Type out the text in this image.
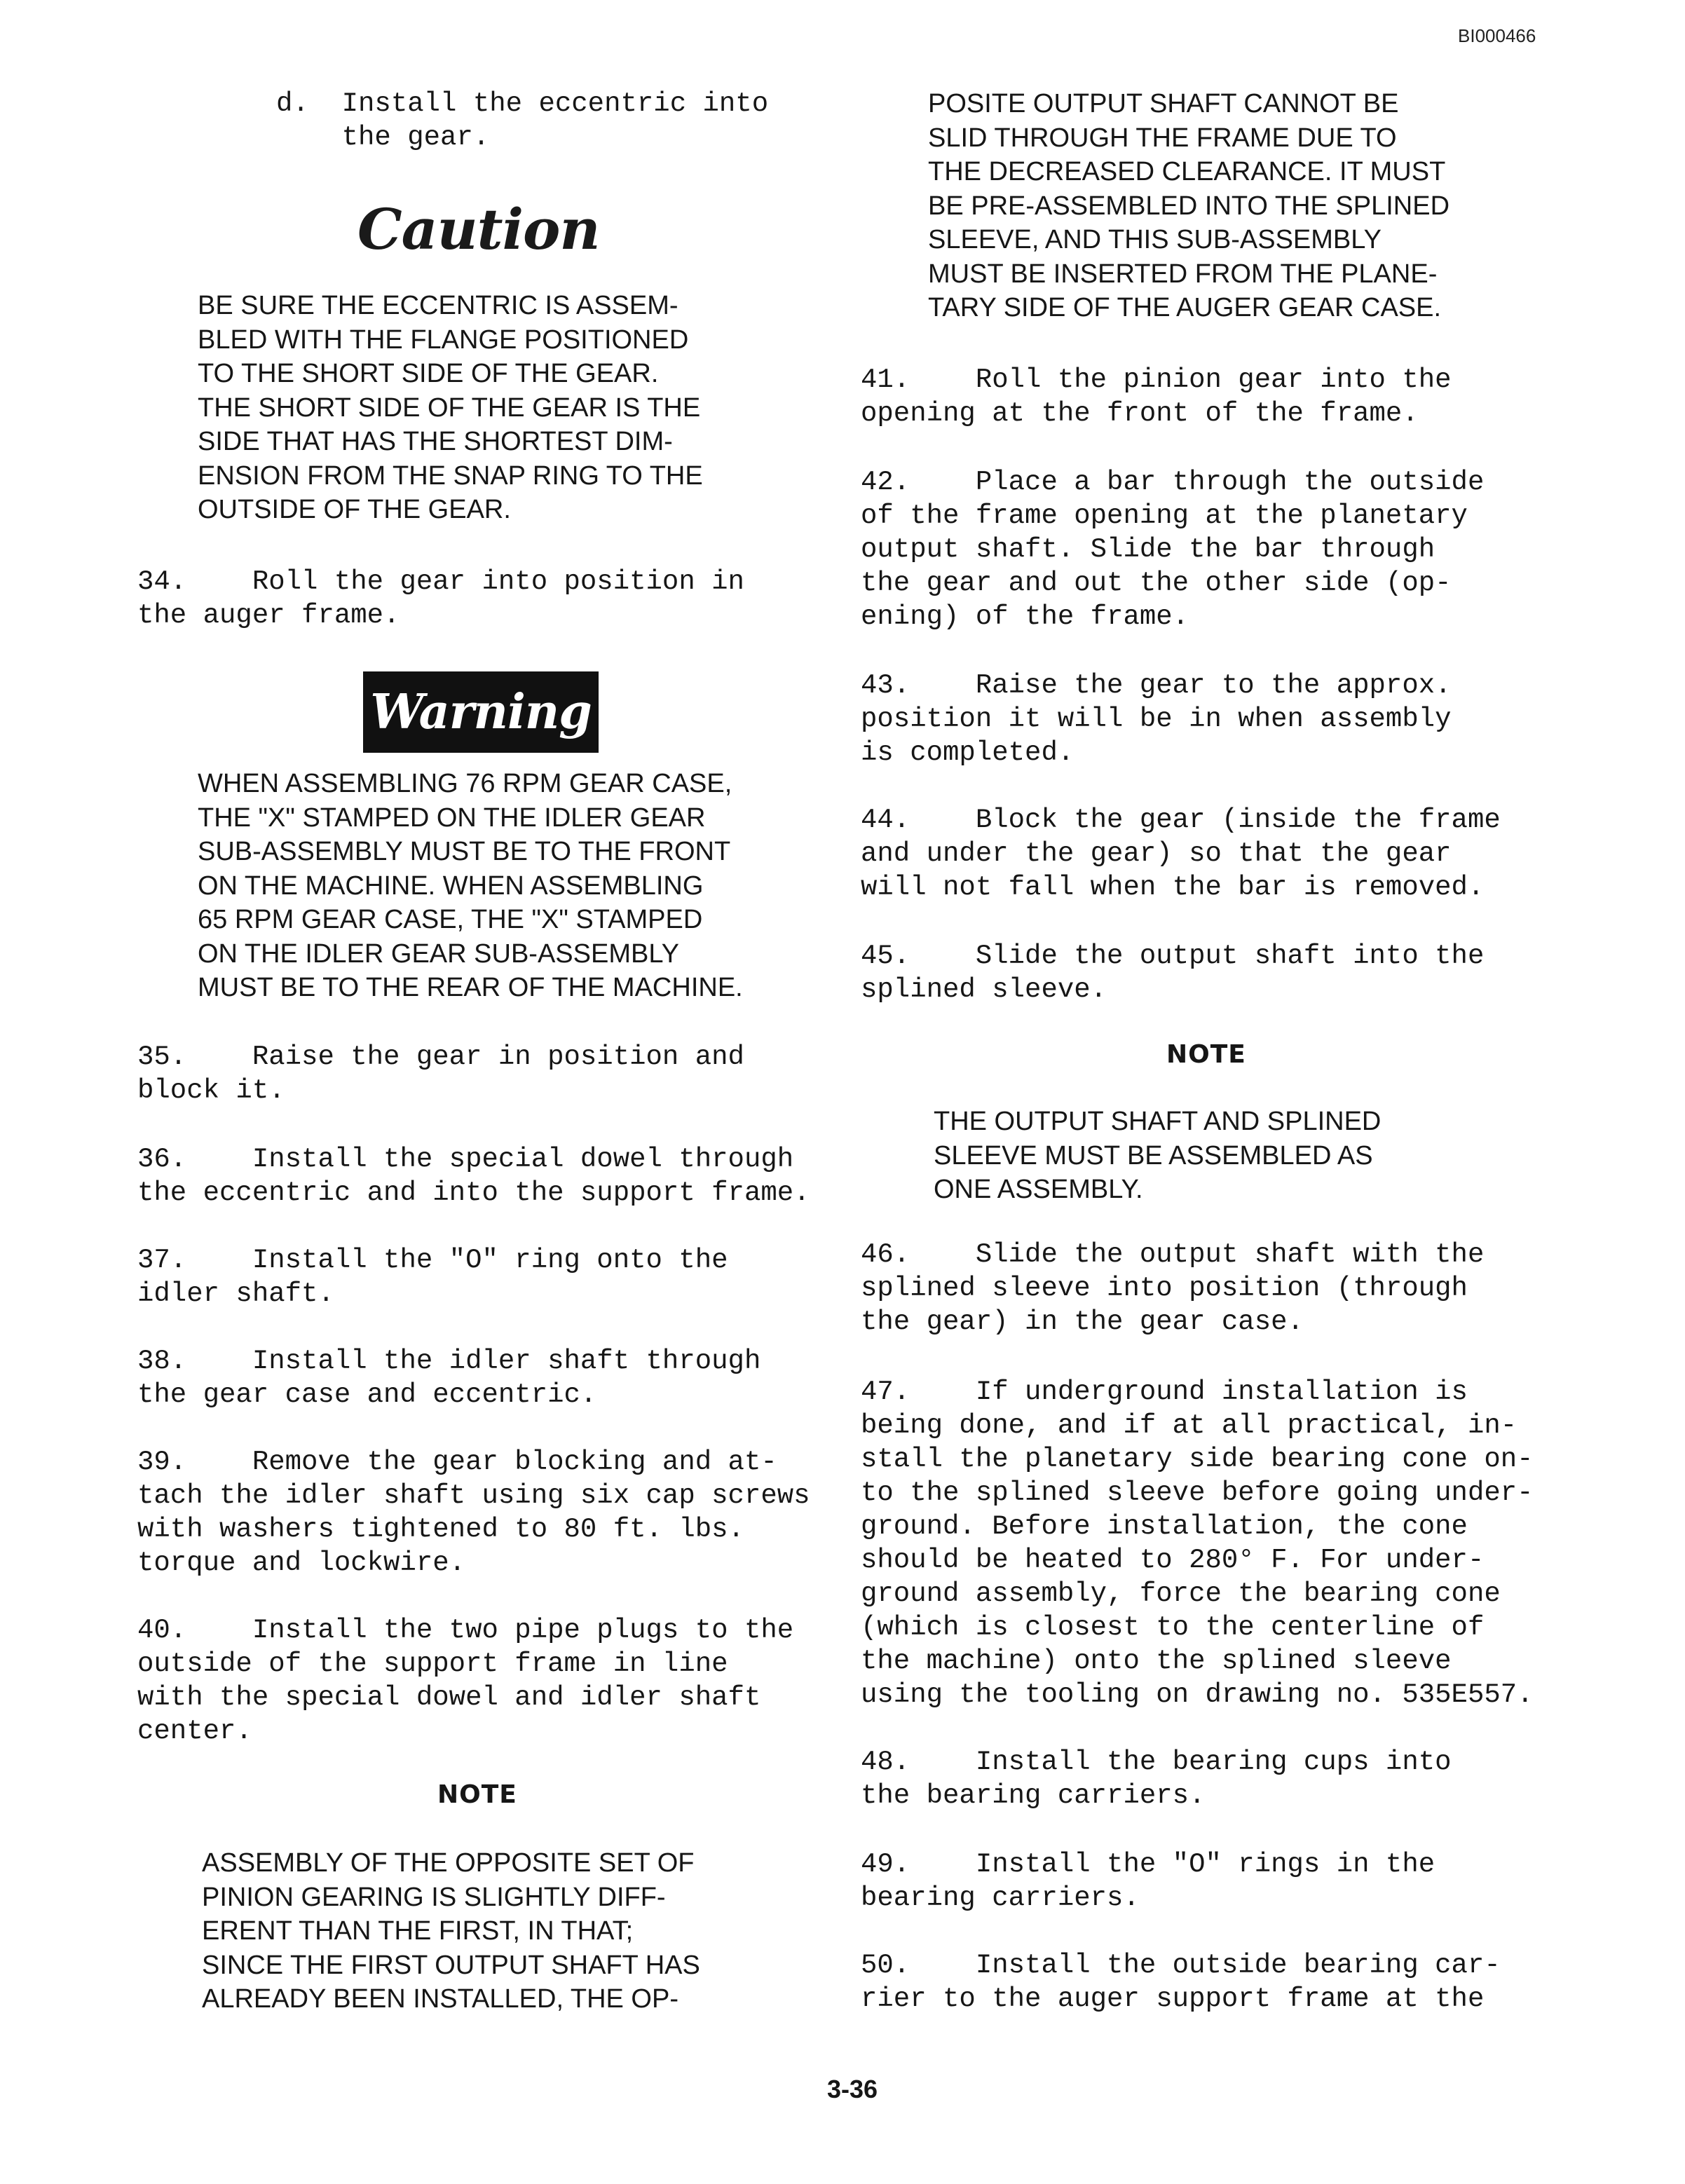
BI000466

d.  Install the eccentric into
the gear.

Caution

BE SURE THE ECCENTRIC IS ASSEM-
BLED WITH THE FLANGE POSITIONED
TO THE SHORT SIDE OF THE GEAR.
THE SHORT SIDE OF THE GEAR IS THE
SIDE THAT HAS THE SHORTEST DIM-
ENSION FROM THE SNAP RING TO THE
OUTSIDE OF THE GEAR.

34.    Roll the gear into position in
the auger frame.

Warning

WHEN ASSEMBLING 76 RPM GEAR CASE,
THE "X" STAMPED ON THE IDLER GEAR
SUB-ASSEMBLY MUST BE TO THE FRONT
ON THE MACHINE. WHEN ASSEMBLING
65 RPM GEAR CASE, THE "X" STAMPED
ON THE IDLER GEAR SUB-ASSEMBLY
MUST BE TO THE REAR OF THE MACHINE.

35.    Raise the gear in position and
block it.

36.    Install the special dowel through
the eccentric and into the support frame.

37.    Install the "O" ring onto the
idler shaft.

38.    Install the idler shaft through
the gear case and eccentric.

39.    Remove the gear blocking and at-
tach the idler shaft using six cap screws
with washers tightened to 80 ft. lbs.
torque and lockwire.

40.    Install the two pipe plugs to the
outside of the support frame in line
with the special dowel and idler shaft
center.

NOTE

ASSEMBLY OF THE OPPOSITE SET OF
PINION GEARING IS SLIGHTLY DIFF-
ERENT THAN THE FIRST, IN THAT;
SINCE THE FIRST OUTPUT SHAFT HAS
ALREADY BEEN INSTALLED, THE OP-

POSITE OUTPUT SHAFT CANNOT BE
SLID THROUGH THE FRAME DUE TO
THE DECREASED CLEARANCE. IT MUST
BE PRE-ASSEMBLED INTO THE SPLINED
SLEEVE, AND THIS SUB-ASSEMBLY
MUST BE INSERTED FROM THE PLANE-
TARY SIDE OF THE AUGER GEAR CASE.

41.    Roll the pinion gear into the
opening at the front of the frame.

42.    Place a bar through the outside
of the frame opening at the planetary
output shaft. Slide the bar through
the gear and out the other side (op-
ening) of the frame.

43.    Raise the gear to the approx.
position it will be in when assembly
is completed.

44.    Block the gear (inside the frame
and under the gear) so that the gear
will not fall when the bar is removed.

45.    Slide the output shaft into the
splined sleeve.

NOTE

THE OUTPUT SHAFT AND SPLINED
SLEEVE MUST BE ASSEMBLED AS
ONE ASSEMBLY.

46.    Slide the output shaft with the
splined sleeve into position (through
the gear) in the gear case.

47.    If underground installation is
being done, and if at all practical, in-
stall the planetary side bearing cone on-
to the splined sleeve before going under-
ground. Before installation, the cone
should be heated to 280° F. For under-
ground assembly, force the bearing cone
(which is closest to the centerline of
the machine) onto the splined sleeve
using the tooling on drawing no. 535E557.

48.    Install the bearing cups into
the bearing carriers.

49.    Install the "O" rings in the
bearing carriers.

50.    Install the outside bearing car-
rier to the auger support frame at the

3-36
